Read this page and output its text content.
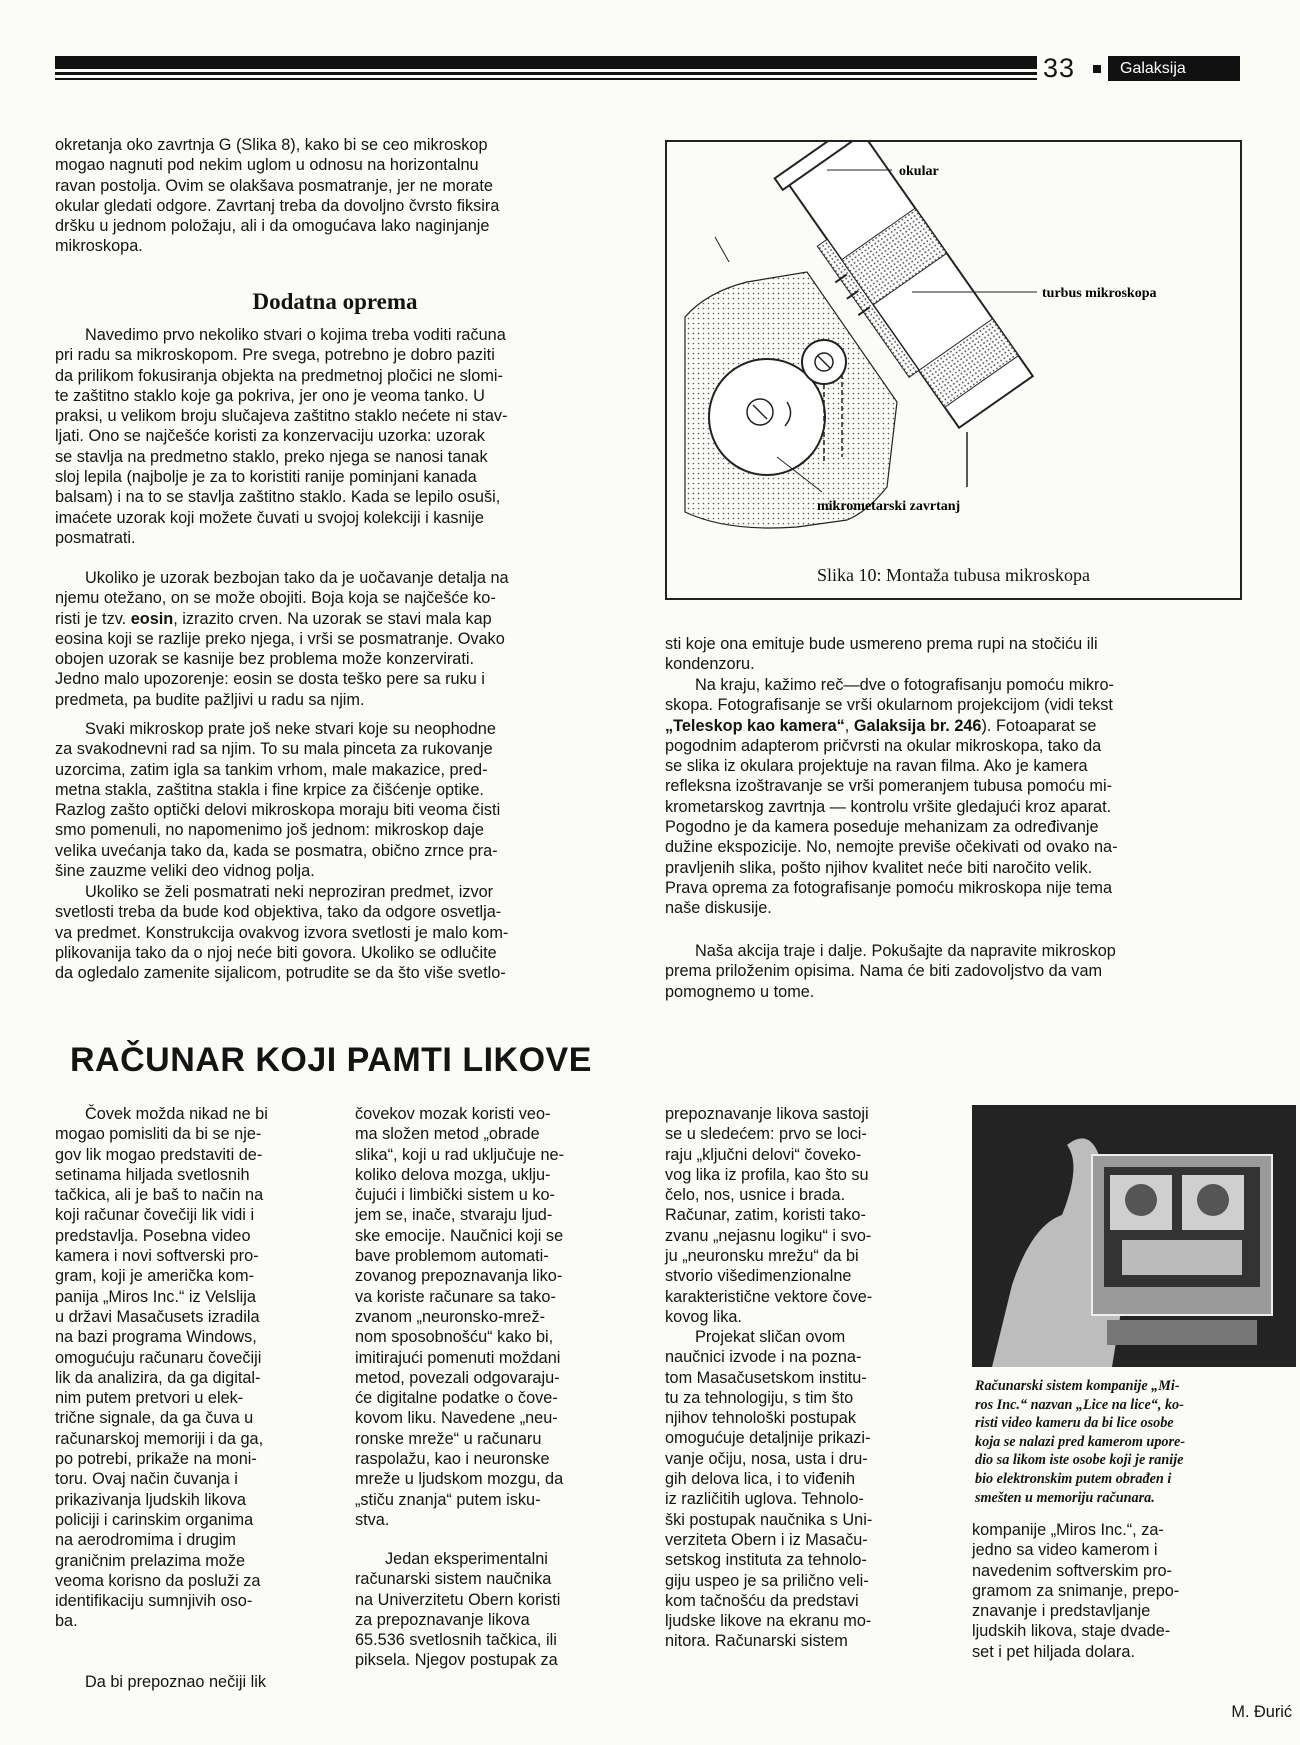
33	Galaksija

okretanja oko zavrtnja G (Slika 8), kako bi se ceo mikroskop
mogao nagnuti pod nekim uglom u odnosu na horizontalnu
ravan postolja. Ovim se olakšava posmatranje, jer ne morate
okular gledati odgore. Zavrtanj treba da dovoljno čvrsto fiksira
dršku u jednom položaju, ali i da omogućava lako naginjanje
mikroskopa.

Dodatna oprema

Navedimo prvo nekoliko stvari o kojima treba voditi računa
pri radu sa mikroskopom. Pre svega, potrebno je dobro paziti
da prilikom fokusiranja objekta na predmetnoj pločici ne slomi-
te zaštitno staklo koje ga pokriva, jer ono je veoma tanko. U
praksi, u velikom broju slučajeva zaštitno staklo nećete ni stav-
ljati. Ono se najčešće koristi za konzervaciju uzorka: uzorak
se stavlja na predmetno staklo, preko njega se nanosi tanak
sloj lepila (najbolje je za to koristiti ranije pominjani kanada
balsam) i na to se stavlja zaštitno staklo. Kada se lepilo osuši,
imaćete uzorak koji možete čuvati u svojoj kolekciji i kasnije
posmatrati.

Ukoliko je uzorak bezbojan tako da je uočavanje detalja na
njemu otežano, on se može obojiti. Boja koja se najčešće ko-
risti je tzv. eosin, izrazito crven. Na uzorak se stavi mala kap
eosina koji se razlije preko njega, i vrši se posmatranje. Ovako
obojen uzorak se kasnije bez problema može konzervirati.
Jedno malo upozorenje: eosin se dosta teško pere sa ruku i
predmeta, pa budite pažljivi u radu sa njim.

Svaki mikroskop prate još neke stvari koje su neophodne
za svakodnevni rad sa njim. To su mala pinceta za rukovanje
uzorcima, zatim igla sa tankim vrhom, male makazice, pred-
metna stakla, zaštitna stakla i fine krpice za čišćenje optike.
Razlog zašto optički delovi mikroskopa moraju biti veoma čisti
smo pomenuli, no napomenimo još jednom: mikroskop daje
velika uvećanja tako da, kada se posmatra, obično zrnce pra-
šine zauzme veliki deo vidnog polja.

Ukoliko se želi posmatrati neki neproziran predmet, izvor
svetlosti treba da bude kod objektiva, tako da odgore osvetlja-
va predmet. Konstrukcija ovakvog izvora svetlosti je malo kom-
plikovanija tako da o njoj neće biti govora. Ukoliko se odlučite
da ogledalo zamenite sijalicom, potrudite se da što više svetlo-

okular
turbus mikroskopa
mikrometarski zavrtanj
Slika 10: Montaža tubusa mikroskopa

sti koje ona emituje bude usmereno prema rupi na stočiću ili
kondenzoru.

Na kraju, kažimo reč—dve o fotografisanju pomoću mikro-
skopa. Fotografisanje se vrši okularnom projekcijom (vidi tekst
„Teleskop kao kamera“, Galaksija br. 246). Fotoaparat se
pogodnim adapterom pričvrsti na okular mikroskopa, tako da
se slika iz okulara projektuje na ravan filma. Ako je kamera
refleksna izoštravanje se vrši pomeranjem tubusa pomoću mi-
krometarskog zavrtnja — kontrolu vršite gledajući kroz aparat.
Pogodno je da kamera poseduje mehanizam za određivanje
dužine ekspozicije. No, nemojte previše očekivati od ovako na-
pravljenih slika, pošto njihov kvalitet neće biti naročito velik.
Prava oprema za fotografisanje pomoću mikroskopa nije tema
naše diskusije.

Naša akcija traje i dalje. Pokušajte da napravite mikroskop
prema priloženim opisima. Nama će biti zadovoljstvo da vam
pomognemo u tome.

RAČUNAR KOJI PAMTI LIKOVE

Čovek možda nikad ne bi
mogao pomisliti da bi se nje-
gov lik mogao predstaviti de-
setinama hiljada svetlosnih
tačkica, ali je baš to način na
koji računar čovečiji lik vidi i
predstavlja. Posebna video
kamera i novi softverski pro-
gram, koji je američka kom-
panija „Miros Inc.“ iz Velslija
u državi Masačusets izradila
na bazi programa Windows,
omogućuju računaru čovečiji
lik da analizira, da ga digital-
nim putem pretvori u elek-
trične signale, da ga čuva u
računarskoj memoriji i da ga,
po potrebi, prikaže na moni-
toru. Ovaj način čuvanja i
prikazivanja ljudskih likova
policiji i carinskim organima
na aerodromima i drugim
graničnim prelazima može
veoma korisno da posluži za
identifikaciju sumnjivih oso-
ba.

Da bi prepoznao nečiji lik

čovekov mozak koristi veo-
ma složen metod „obrade
slika“, koji u rad uključuje ne-
koliko delova mozga, uklju-
čujući i limbički sistem u ko-
jem se, inače, stvaraju ljud-
ske emocije. Naučnici koji se
bave problemom automati-
zovanog prepoznavanja liko-
va koriste računare sa tako-
zvanom „neuronsko-mrež-
nom sposobnošću“ kako bi,
imitirajući pomenuti moždani
metod, povezali odgovaraju-
će digitalne podatke o čove-
kovom liku. Navedene „neu-
ronske mreže“ u računaru
raspolažu, kao i neuronske
mreže u ljudskom mozgu, da
„stiču znanja“ putem isku-
stva.

Jedan eksperimentalni
računarski sistem naučnika
na Univerzitetu Obern koristi
za prepoznavanje likova
65.536 svetlosnih tačkica, ili
piksela. Njegov postupak za

prepoznavanje likova sastoji
se u sledećem: prvo se loci-
raju „ključni delovi“ čoveko-
vog lika iz profila, kao što su
čelo, nos, usnice i brada.
Računar, zatim, koristi tako-
zvanu „nejasnu logiku“ i svo-
ju „neuronsku mrežu“ da bi
stvorio višedimenzionalne
karakteristične vektore čove-
kovog lika.

Projekat sličan ovom
naučnici izvode i na pozna-
tom Masačusetskom institu-
tu za tehnologiju, s tim što
njihov tehnološki postupak
omogućuje detaljnije prikazi-
vanje očiju, nosa, usta i dru-
gih delova lica, i to viđenih
iz različitih uglova. Tehnolo-
ški postupak naučnika s Uni-
verziteta Obern i iz Masaču-
setskog instituta za tehnolo-
giju uspeo je sa prilično veli-
kom tačnošću da predstavi
ljudske likove na ekranu mo-
nitora. Računarski sistem

Računarski sistem kompanije „Mi-
ros Inc.“ nazvan „Lice na lice“, ko-
risti video kameru da bi lice osobe
koja se nalazi pred kamerom upore-
dio sa likom iste osobe koji je ranije
bio elektronskim putem obrađen i
smešten u memoriju računara.

kompanije „Miros Inc.“, za-
jedno sa video kamerom i
navedenim softverskim pro-
gramom za snimanje, prepo-
znavanje i predstavljanje
ljudskih likova, staje dvade-
set i pet hiljada dolara.

M. Đurić
